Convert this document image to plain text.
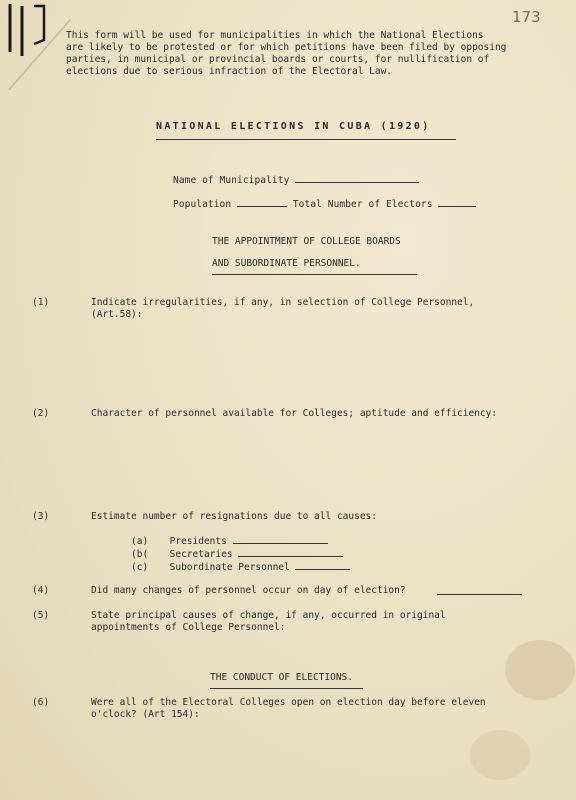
173
This form will be used for municipalities in which the National Elections
are likely to be protested or for which petitions have been filed by opposing
parties, in municipal or provincial boards or courts, for nullification of
elections due to serious infraction of the Electoral Law.
NATIONAL ELECTIONS IN CUBA (1920)
Name of Municipality
Population	Total Number of Electors
THE APPOINTMENT OF COLLEGE BOARDS
AND SUBORDINATE PERSONNEL.
(1)	Indicate irregularities, if any, in selection of College Personnel,
(Art.58):
(2)	Character of personnel available for Colleges; aptitude and efficiency:
(3)	Estimate number of resignations due to all causes:
(a) Presidents
(b( Secretaries
(c) Subordinate Personnel
(4)	Did many changes of personnel occur on day of election?
(5)	State principal causes of change, if any, occurred in original
appointments of College Personnel:
THE CONDUCT OF ELECTIONS.
(6)	Were all of the Electoral Colleges open on election day before eleven
o'clock? (Art 154):
